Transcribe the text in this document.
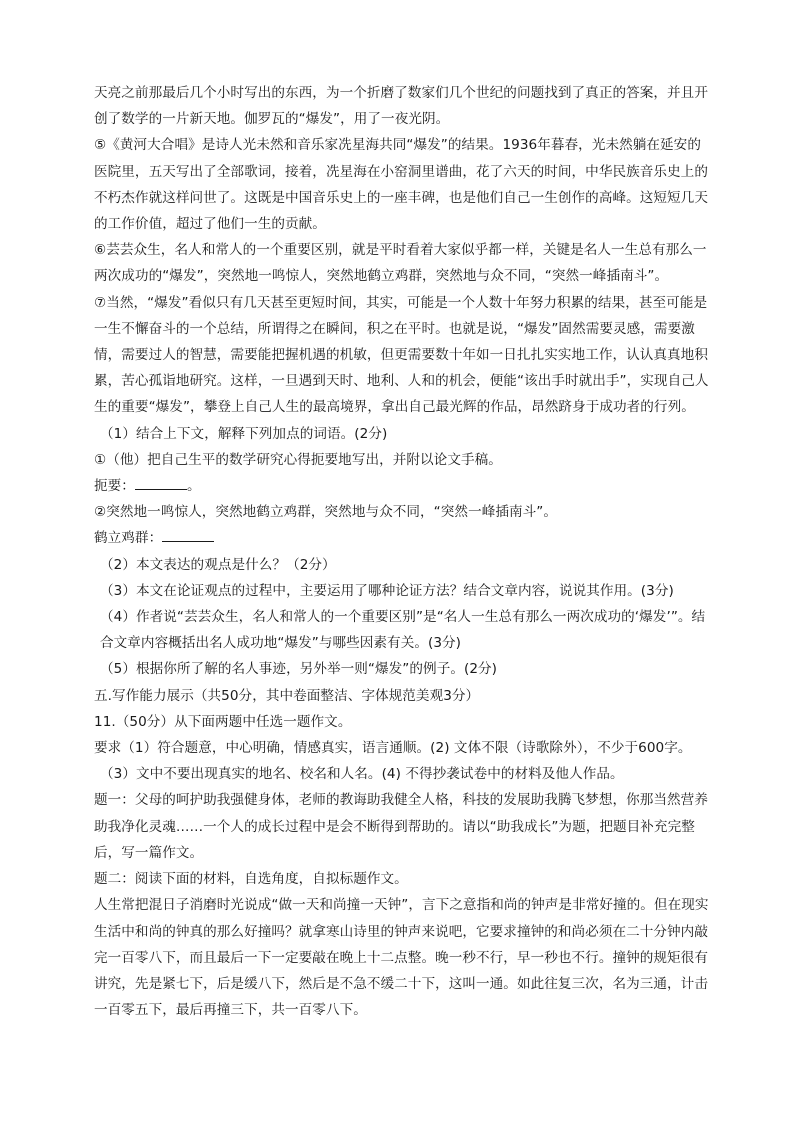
天亮之前那最后几个小时写出的东西，为一个折磨了数家们几个世纪的问题找到了真正的答案，并且开创了数学的一片新天地。伽罗瓦的“爆发”，用了一夜光阴。

⑤《黄河大合唱》是诗人光未然和音乐家冼星海共同“爆发”的结果。1936年暮春，光未然躺在延安的医院里，五天写出了全部歌词，接着，冼星海在小窑洞里谱曲，花了六天的时间，中华民族音乐史上的不朽杰作就这样问世了。这既是中国音乐史上的一座丰碑，也是他们自己一生创作的高峰。这短短几天的工作价值，超过了他们一生的贡献。

⑥芸芸众生，名人和常人的一个重要区别，就是平时看着大家似乎都一样，关键是名人一生总有那么一两次成功的“爆发”，突然地一鸣惊人，突然地鹤立鸡群，突然地与众不同，“突然一峰插南斗”。

⑦当然，“爆发”看似只有几天甚至更短时间，其实，可能是一个人数十年努力积累的结果，甚至可能是一生不懈奋斗的一个总结，所谓得之在瞬间，积之在平时。也就是说，“爆发”固然需要灵感，需要激情，需要过人的智慧，需要能把握机遇的机敏，但更需要数十年如一日扎扎实实地工作，认认真真地积累，苦心孤诣地研究。这样，一旦遇到天时、地利、人和的机会，便能“该出手时就出手”，实现自己人生的重要“爆发”，攀登上自己人生的最高境界，拿出自己最光辉的作品，昂然跻身于成功者的行列。

（1）结合上下文，解释下列加点的词语。(2分)

①（他）把自己生平的数学研究心得扼要地写出，并附以论文手稿。

扼要：	。

②突然地一鸣惊人，突然地鹤立鸡群，突然地与众不同，“突然一峰插南斗”。

鹤立鸡群：

（2）本文表达的观点是什么？（2分）

（3）本文在论证观点的过程中，主要运用了哪种论证方法？结合文章内容，说说其作用。(3分)

（4）作者说“芸芸众生，名人和常人的一个重要区别”是“名人一生总有那么一两次成功的‘爆发’”。结合文章内容概括出名人成功地“爆发”与哪些因素有关。(3分)

（5）根据你所了解的名人事迹，另外举一则“爆发”的例子。(2分)

五.写作能力展示（共50分，其中卷面整洁、字体规范美观3分）

11.（50分）从下面两题中任选一题作文。

要求（1）符合题意，中心明确，情感真实，语言通顺。(2) 文体不限（诗歌除外），不少于600字。

（3）文中不要出现真实的地名、校名和人名。(4) 不得抄袭试卷中的材料及他人作品。

题一：父母的呵护助我强健身体，老师的教诲助我健全人格，科技的发展助我腾飞梦想，你那当然营养助我净化灵魂……一个人的成长过程中是会不断得到帮助的。请以“助我成长”为题，把题目补充完整后，写一篇作文。

题二：阅读下面的材料，自选角度，自拟标题作文。

人生常把混日子消磨时光说成“做一天和尚撞一天钟”，言下之意指和尚的钟声是非常好撞的。但在现实生活中和尚的钟真的那么好撞吗？就拿寒山诗里的钟声来说吧，它要求撞钟的和尚必须在二十分钟内敲完一百零八下，而且最后一下一定要敲在晚上十二点整。晚一秒不行，早一秒也不行。撞钟的规矩很有讲究，先是紧七下，后是缓八下，然后是不急不缓二十下，这叫一通。如此往复三次，名为三通，计击一百零五下，最后再撞三下，共一百零八下。
